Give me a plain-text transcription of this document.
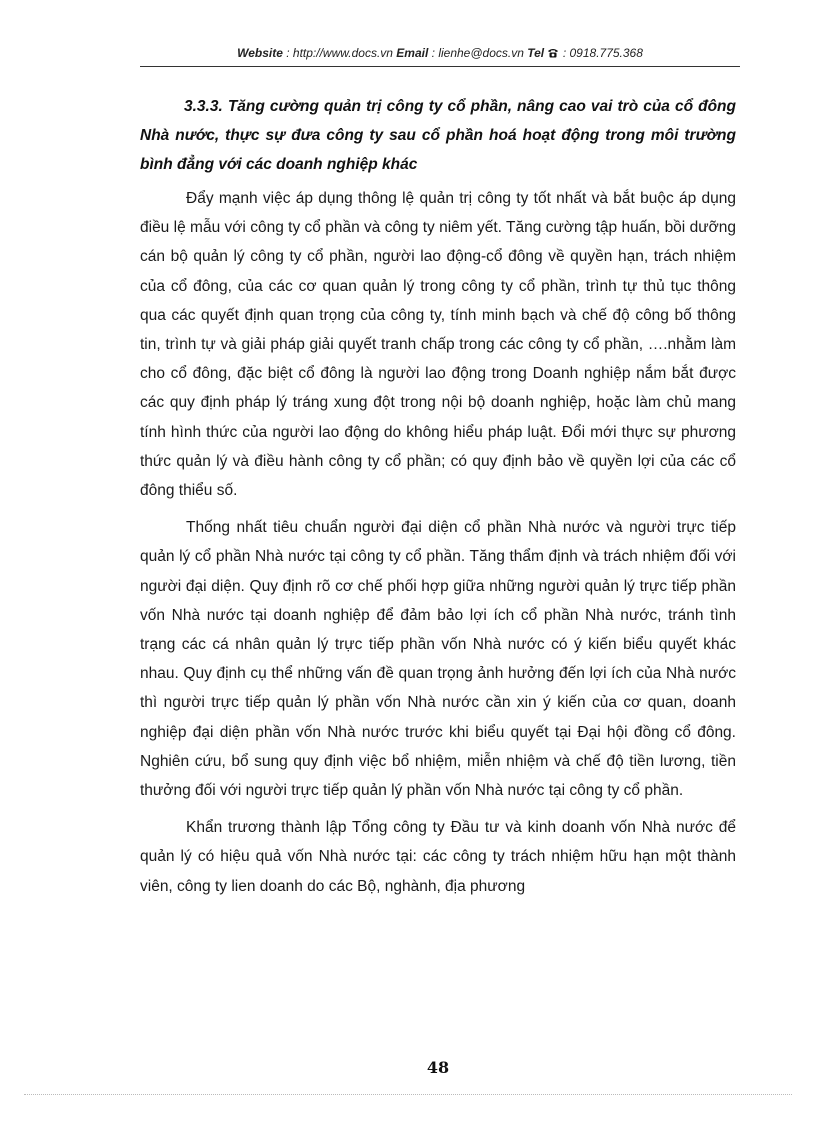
Website : http://www.docs.vn Email : lienhe@docs.vn Tel : 0918.775.368

3.3.3. Tăng cường quản trị công ty cổ phần, nâng cao vai trò của cổ đông Nhà nước, thực sự đưa công ty sau cổ phần hoá hoạt động trong môi trường bình đẳng với các doanh nghiệp khác

Đẩy mạnh việc áp dụng thông lệ quản trị công ty tốt nhất và bắt buộc áp dụng điều lệ mẫu với công ty cổ phần và công ty niêm yết. Tăng cường tập huấn, bồi dưỡng cán bộ quản lý công ty cổ phần, người lao động-cổ đông về quyền hạn, trách nhiệm của cổ đông, của các cơ quan quản lý trong công ty cổ phần, trình tự thủ tục thông qua các quyết định quan trọng của công ty, tính minh bạch và chế độ công bố thông tin, trình tự và giải pháp giải quyết tranh chấp trong các công ty cổ phần, ….nhằm làm cho cổ đông, đặc biệt cổ đông là người lao động trong Doanh nghiệp nắm bắt được các quy định pháp lý tráng xung đột trong nội bộ doanh nghiệp, hoặc làm chủ mang tính hình thức của người lao động do không hiểu pháp luật. Đổi mới thực sự phương thức quản lý và điều hành công ty cổ phần; có quy định bảo về quyền lợi của các cổ đông thiểu số.

Thống nhất tiêu chuẩn người đại diện cổ phần Nhà nước và người trực tiếp quản lý cổ phần Nhà nước tại công ty cổ phần. Tăng thẩm định và trách nhiệm đối với người đại diện. Quy định rõ cơ chế phối hợp giữa những người quản lý trực tiếp phần vốn Nhà nước tại doanh nghiệp để đảm bảo lợi ích cổ phần Nhà nước, tránh tình trạng các cá nhân quản lý trực tiếp phần vốn Nhà nước có ý kiến biểu quyết khác nhau. Quy định cụ thể những vấn đề quan trọng ảnh hưởng đến lợi ích của Nhà nước thì người trực tiếp quản lý phần vốn Nhà nước cần xin ý kiến của cơ quan, doanh nghiệp đại diện phần vốn Nhà nước trước khi biểu quyết tại Đại hội đồng cổ đông. Nghiên cứu, bổ sung quy định việc bổ nhiệm, miễn nhiệm và chế độ tiền lương, tiền thưởng đối với người trực tiếp quản lý phần vốn Nhà nước tại công ty cổ phần.

Khẩn trương thành lập Tổng công ty Đầu tư và kinh doanh vốn Nhà nước để quản lý có hiệu quả vốn Nhà nước tại: các công ty trách nhiệm hữu hạn một thành viên, công ty lien doanh do các Bộ, nghành, địa phương

48
